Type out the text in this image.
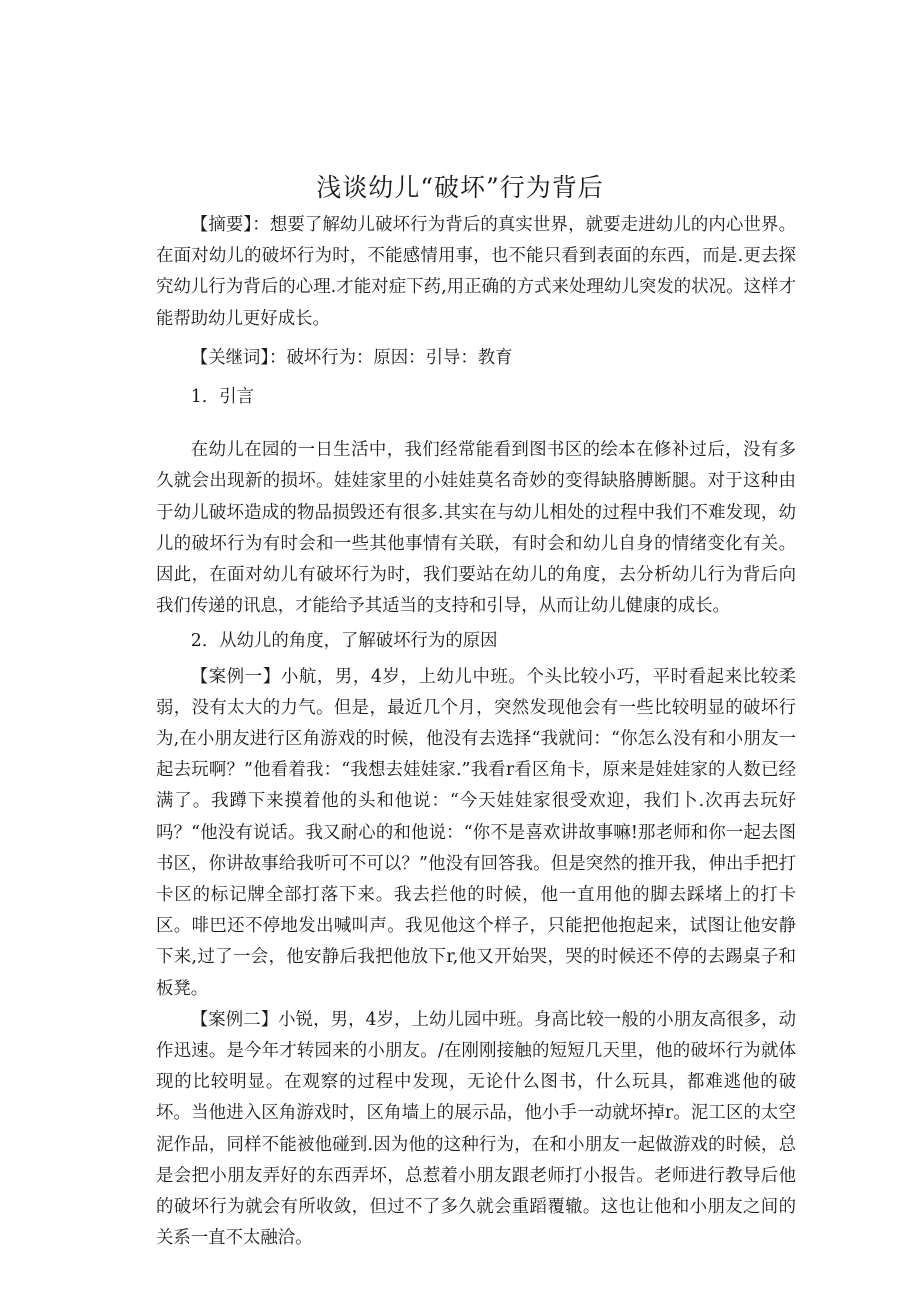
浅谈幼儿“破坏”行为背后

【摘要】：想要了解幼儿破坏行为背后的真实世界，就要走进幼儿的内心世界。在面对幼儿的破坏行为时，不能感情用事，也不能只看到表面的东西，而是.更去探究幼儿行为背后的心理.才能对症下药,用正确的方式来处理幼儿突发的状况。这样才能帮助幼儿更好成长。

【关继词】：破坏行为：原因：引导：教育

1．引言

在幼儿在园的一日生活中，我们经常能看到图书区的绘本在修补过后，没有多久就会出现新的损坏。娃娃家里的小娃娃莫名奇妙的变得缺胳膊断腿。对于这种由于幼儿破坏造成的物品损毁还有很多.其实在与幼儿相处的过程中我们不难发现，幼儿的破坏行为有时会和一些其他事情有关联，有时会和幼儿自身的情绪变化有关。因此，在面对幼儿有破坏行为时，我们要站在幼儿的角度，去分析幼儿行为背后向我们传递的讯息，才能给予其适当的支持和引导，从而让幼儿健康的成长。

2．从幼儿的角度，了解破坏行为的原因

【案例一】小航，男，4岁，上幼儿中班。个头比较小巧，平时看起来比较柔弱，没有太大的力气。但是，最近几个月，突然发现他会有一些比较明显的破坏行为,在小朋友进行区角游戏的时候，他没有去选择“我就问：“你怎么没有和小朋友一起去玩啊？”他看着我：“我想去娃娃家.”我看r看区角卡，原来是娃娃家的人数已经满了。我蹲下来摸着他的头和他说：“今天娃娃家很受欢迎，我们卜.次再去玩好吗？“他没有说话。我又耐心的和他说：“你不是喜欢讲故事嘛!那老师和你一起去图书区，你讲故事给我听可不可以？”他没有回答我。但是突然的推开我，伸出手把打卡区的标记牌全部打落下来。我去拦他的时候，他一直用他的脚去踩堵上的打卡区。啡巴还不停地发出喊叫声。我见他这个样子，只能把他抱起来，试图让他安静下来,过了一会，他安静后我把他放下r,他又开始哭，哭的时候还不停的去踢桌子和板凳。

【案例二】小锐，男，4岁，上幼儿园中班。身高比较一般的小朋友高很多，动作迅速。是今年才转园来的小朋友。/在刚刚接触的短短几天里，他的破坏行为就体现的比较明显。在观察的过程中发现，无论什么图书，什么玩具，都难逃他的破坏。当他进入区角游戏时，区角墙上的展示品，他小手一动就坏掉r。泥工区的太空泥作品，同样不能被他碰到.因为他的这种行为，在和小朋友一起做游戏的时候，总是会把小朋友弄好的东西弄坏，总惹着小朋友跟老师打小报告。老师进行教导后他的破坏行为就会有所收敛，但过不了多久就会重蹈覆辙。这也让他和小朋友之间的关系一直不太融洽。
